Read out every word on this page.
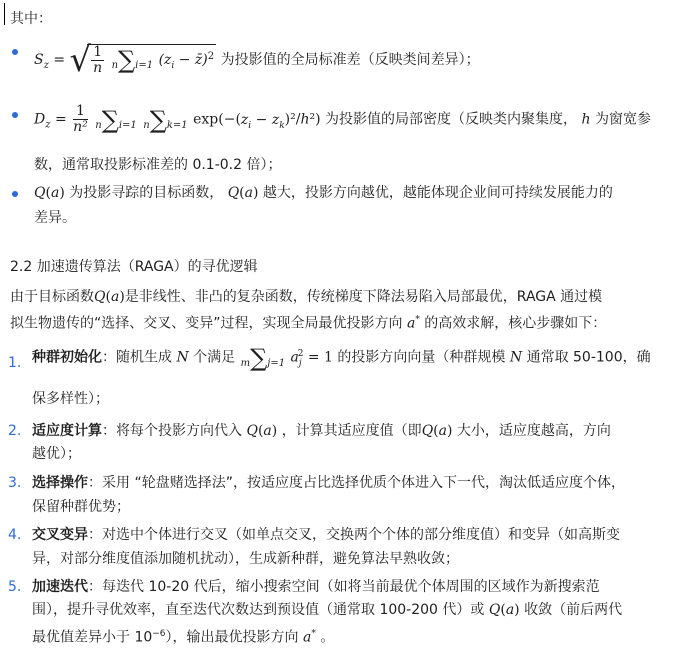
其中：
$S_z$ = √ $\frac{1}{n} n\sum i=1$ ($z_i$ − z̄)$^2$ 为投影值的全局标准差（反映类间差异）；
$D_z = \frac{1}{\text{n²}} n\sum i=1$ n∑k=1 $\exp(-(z_i - z_k)^2/h^2)$ 为投影值的局部密度（反映类内聚集度， h 为窗宽参
数，通常取投影标准差的 0.1-0.2 倍）；
Q(a) 为投影寻踪的目标函数， Q(a) 越大，投影方向越优，越能体现企业间可持续发展能力的
差异。
2.2 加速遗传算法（RAGA）的寻优逻辑
由于目标函数Q(a)是非线性、非凸的复杂函数，传统梯度下降法易陷入局部最优，RAGA 通过模
拟生物遗传的“选择、交叉、变异”过程，实现全局最优投影方向 a* 的高效求解，核心步骤如下：
1. 种群初始化：随机生成 N 个满足 m∑j=1 $a_j^2 = 1$ 的投影方向向量（种群规模 N 通常取 50-100，确
保多样性）；
2. 适应度计算：将每个投影方向代入 Q(a) ，计算其适应度值（即Q(a) 大小，适应度越高，方向
越优）；
3. 选择操作：采用 “轮盘赌选择法”，按适应度占比选择优质个体进入下一代，淘汰低适应度个体，
保留种群优势；
4. 交叉变异：对选中个体进行交叉（如单点交叉，交换两个个体的部分维度值）和变异（如高斯变
异，对部分维度值添加随机扰动），生成新种群，避免算法早熟收敛；
5. 加速迭代：每迭代 10-20 代后，缩小搜索空间（如将当前最优个体周围的区域作为新搜索范
围），提升寻优效率，直至迭代次数达到预设值（通常取 100-200 代）或 Q(a) 收敛（前后两代
最优值差异小于 $10^{-6}$），输出最优投影方向 a* 。
